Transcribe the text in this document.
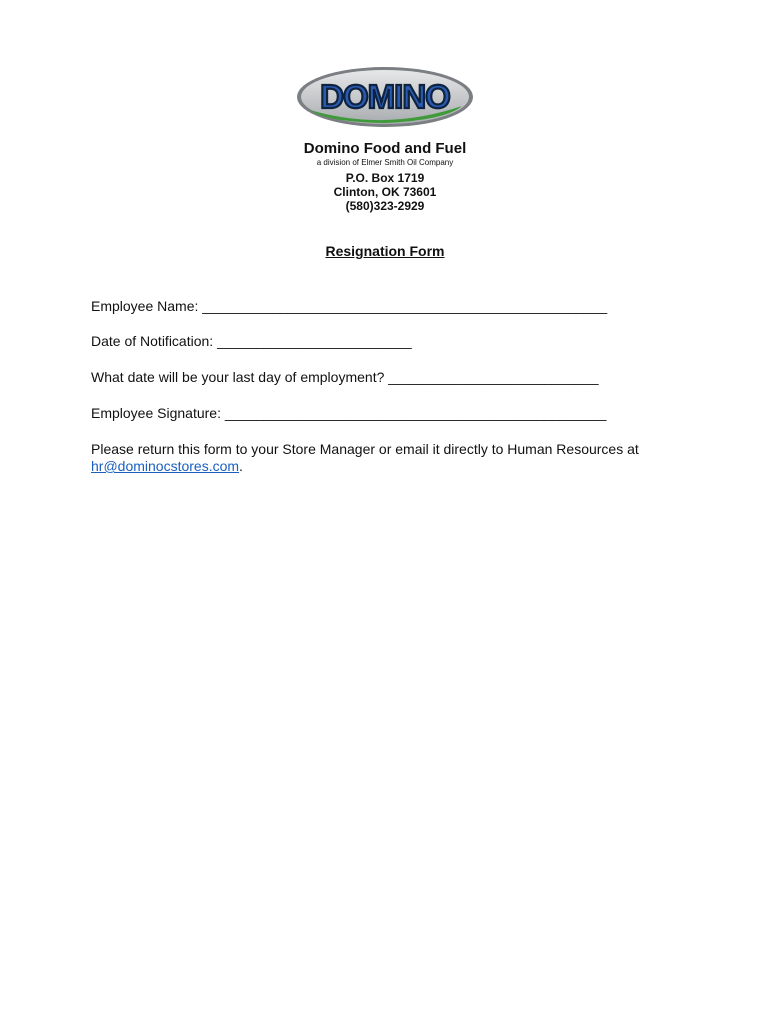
DOMINO
Domino Food and Fuel
a division of Elmer Smith Oil Company
P.O. Box 1719
Clinton, OK 73601
(580)323-2929
Resignation Form
Employee Name: ____________________________________________________
Date of Notification: _________________________
What date will be your last day of employment? ___________________________
Employee Signature: _________________________________________________
Please return this form to your Store Manager or email it directly to Human Resources at hr@dominocstores.com.
